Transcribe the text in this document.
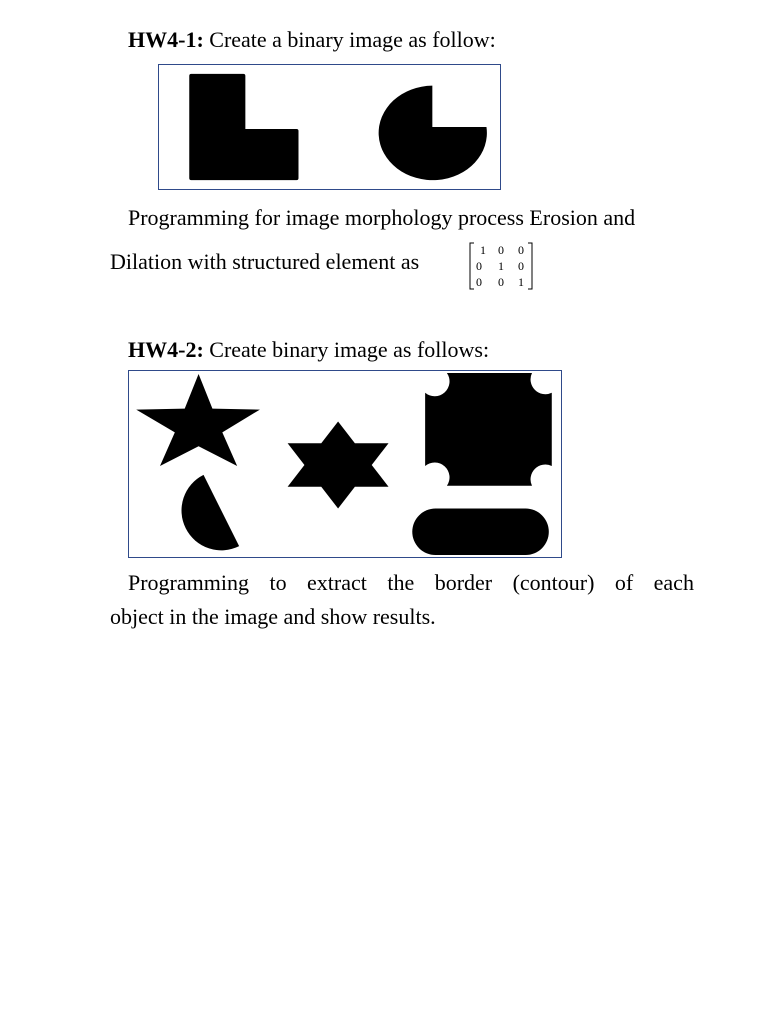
HW4-1: Create a binary image as follow:
Programming for image morphology process Erosion and
Dilation with structured element as	1 0 0
0 1 0
0 0 1
HW4-2: Create binary image as follows:
Programming to extract the border (contour) of each
object in the image and show results.
